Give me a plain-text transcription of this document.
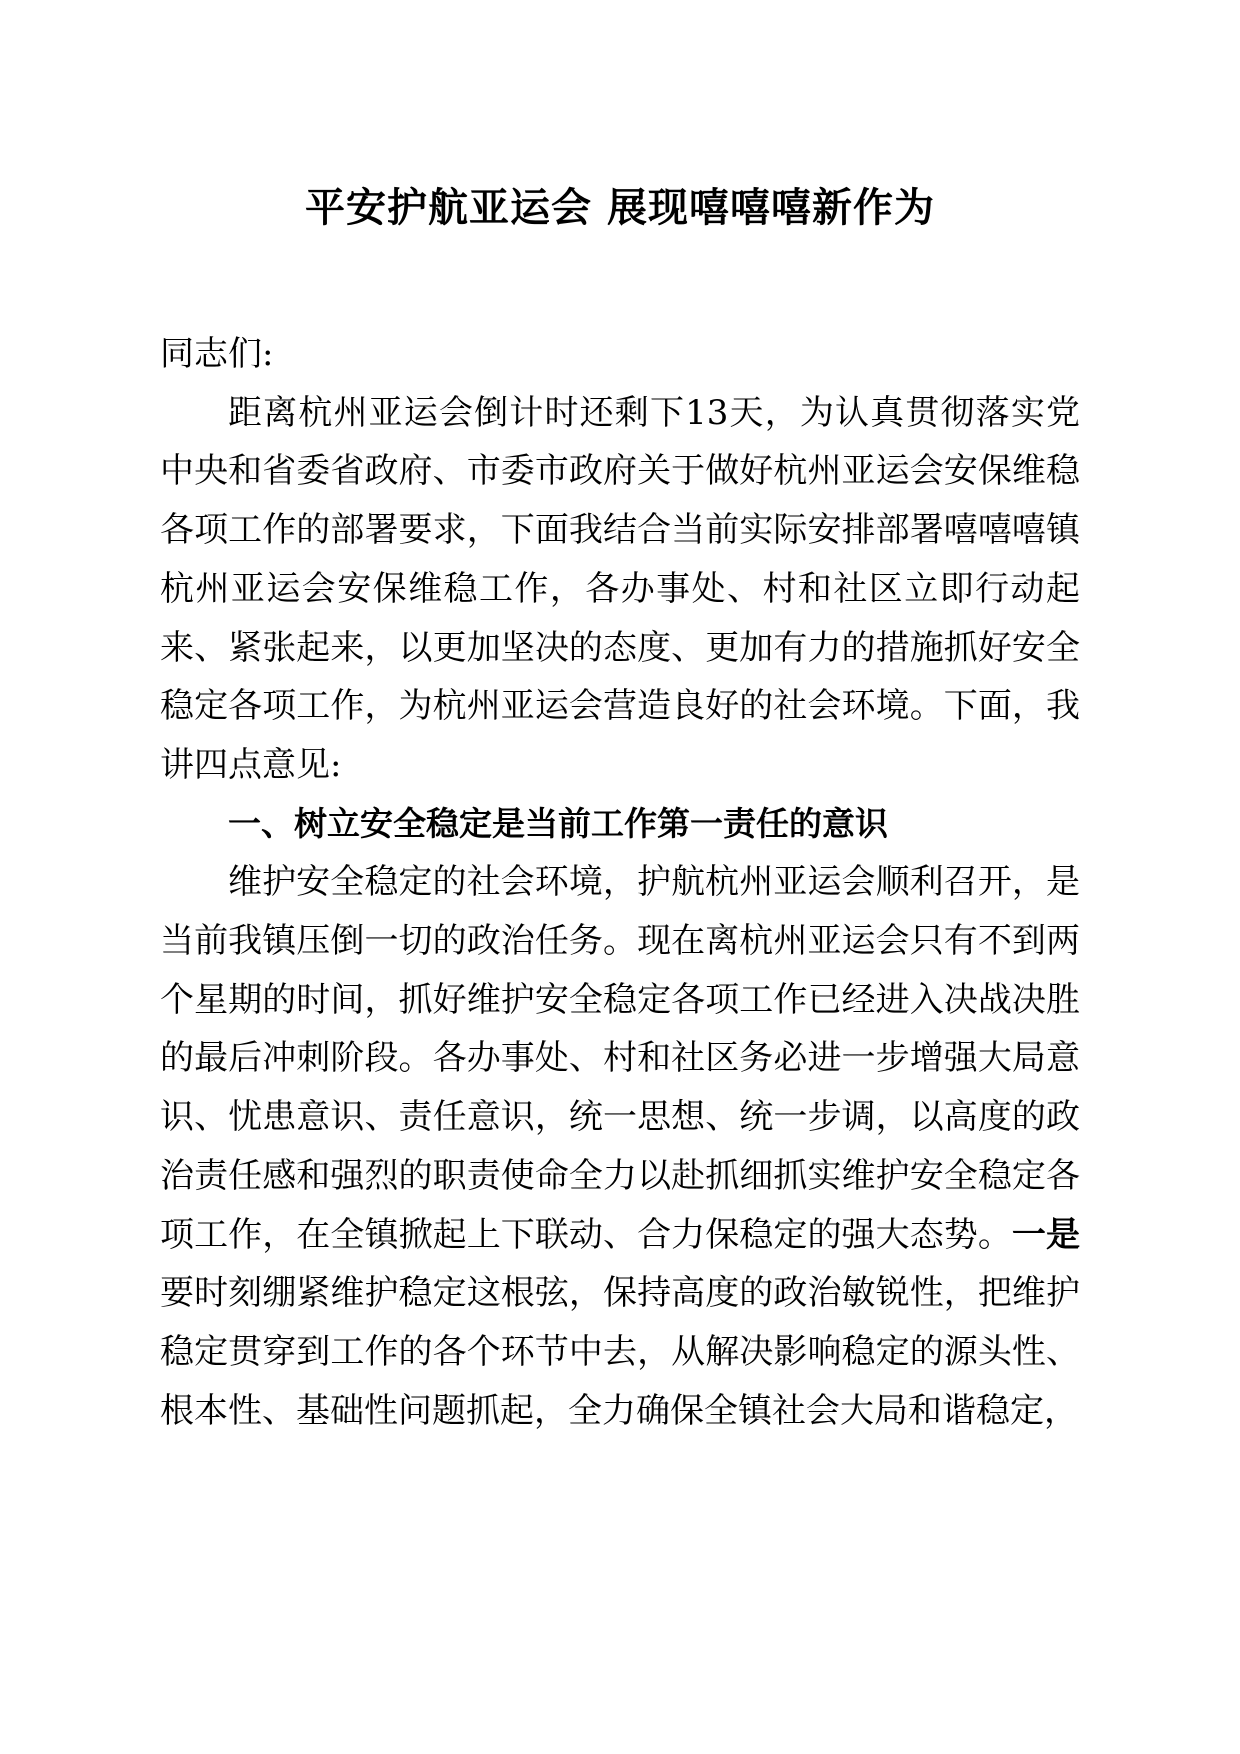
平安护航亚运会 展现嘻嘻嘻新作为

同志们:

距离杭州亚运会倒计时还剩下13天，为认真贯彻落实党中央和省委省政府、市委市政府关于做好杭州亚运会安保维稳各项工作的部署要求，下面我结合当前实际安排部署嘻嘻嘻镇杭州亚运会安保维稳工作，各办事处、村和社区立即行动起来、紧张起来，以更加坚决的态度、更加有力的措施抓好安全稳定各项工作，为杭州亚运会营造良好的社会环境。下面，我讲四点意见:

一、树立安全稳定是当前工作第一责任的意识

维护安全稳定的社会环境，护航杭州亚运会顺利召开，是当前我镇压倒一切的政治任务。现在离杭州亚运会只有不到两个星期的时间，抓好维护安全稳定各项工作已经进入决战决胜的最后冲刺阶段。各办事处、村和社区务必进一步增强大局意识、忧患意识、责任意识，统一思想、统一步调，以高度的政治责任感和强烈的职责使命全力以赴抓细抓实维护安全稳定各项工作，在全镇掀起上下联动、合力保稳定的强大态势。一是要时刻绷紧维护稳定这根弦，保持高度的政治敏锐性，把维护稳定贯穿到工作的各个环节中去，从解决影响稳定的源头性、根本性、基础性问题抓起，全力确保全镇社会大局和谐稳定，
